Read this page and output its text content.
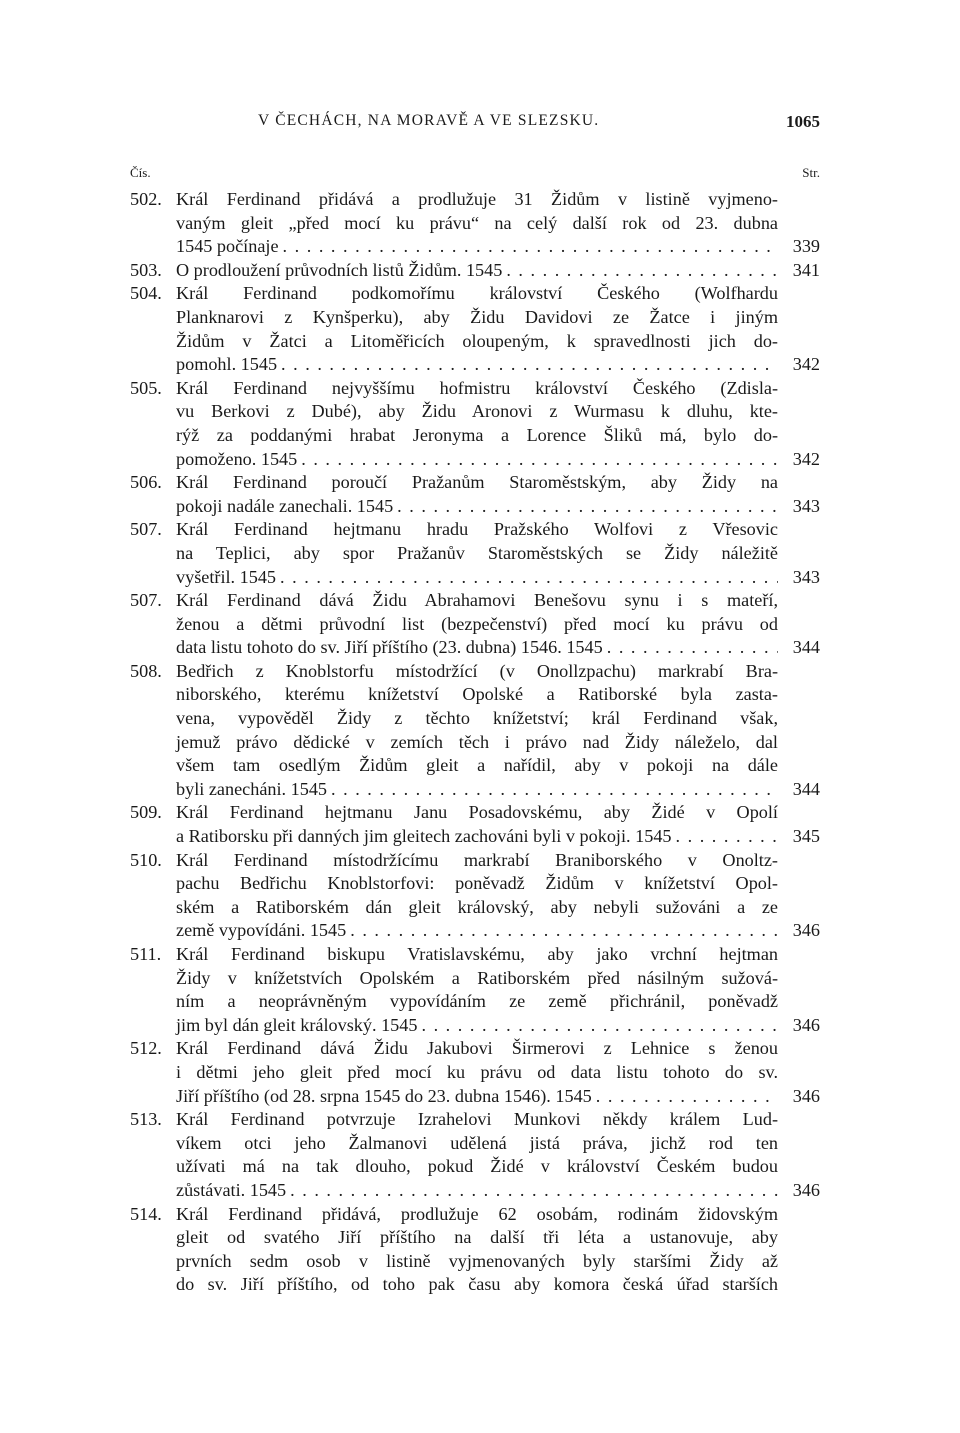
V ČECHÁCH, NA MORAVĚ A VE SLEZSKU.	1065
Čís.	Str.
502. Král Ferdinand přidává a prodlužuje 31 Židům v listině vyjmeno-
vaným gleit „před mocí ku právu“ na celý další rok od 23. dubna
1545 počínaje . . .	339
503. O prodloužení průvodních listů Židům. 1545 . . .	341
504. Král Ferdinand podkomořímu království Českého (Wolfhardu
Planknarovi z Kynšperku), aby Židu Davidovi ze Žatce i jiným
Židům v Žatci a Litoměřicích oloupeným, k spravedlnosti jich do-
pomohl. 1545 . . .	342
505. Král Ferdinand nejvyššímu hofmistru království Českého (Zdisla-
vu Berkovi z Dubé), aby Židu Aronovi z Wurmasu k dluhu, kte-
rýž za poddanými hrabat Jeronyma a Lorence Šliků má, bylo do-
pomoženo. 1545 . . .	342
506. Král Ferdinand poroučí Pražanům Staroměstským, aby Židy na
pokoji nadále zanechali. 1545 . . .	343
507. Král Ferdinand hejtmanu hradu Pražského Wolfovi z Vřesovic
na Teplici, aby spor Pražanův Staroměstských se Židy náležitě
vyšetřil. 1545 . . .	343
507. Král Ferdinand dává Židu Abrahamovi Benešovu synu i s mateří,
ženou a dětmi průvodní list (bezpečenství) před mocí ku právu od
data listu tohoto do sv. Jiří příštího (23. dubna) 1546. 1545 . . .	344
508. Bedřich z Knoblstorfu místodržící (v Onollzpachu) markrabí Bra-
niborského, kterému knížetství Opolské a Ratiborské byla zasta-
vena, vypověděl Židy z těchto knížetství; král Ferdinand však,
jemuž právo dědické v zemích těch i právo nad Židy náleželo, dal
všem tam osedlým Židům gleit a nařídil, aby v pokoji na dále
byli zanecháni. 1545 . . .	344
509. Král Ferdinand hejtmanu Janu Posadovskému, aby Židé v Opolí
a Ratiborsku při danných jim gleitech zachováni byli v pokoji. 1545 . . .	345
510. Král Ferdinand místodržícímu markrabí Braniborského v Onoltz-
pachu Bedřichu Knoblstorfovi: poněvadž Židům v knížetství Opol-
ském a Ratiborském dán gleit královský, aby nebyli sužováni a ze
země vypovídáni. 1545 . . .	346
511. Král Ferdinand biskupu Vratislavskému, aby jako vrchní hejtman
Židy v knížetstvích Opolském a Ratiborském před násilným sužová-
ním a neoprávněným vypovídáním ze země přichránil, poněvadž
jim byl dán gleit královský. 1545 . . .	346
512. Král Ferdinand dává Židu Jakubovi Širmerovi z Lehnice s ženou
i dětmi jeho gleit před mocí ku právu od data listu tohoto do sv.
Jiří příštího (od 28. srpna 1545 do 23. dubna 1546). 1545 . . .	346
513. Král Ferdinand potvrzuje Izrahelovi Munkovi někdy králem Lud-
víkem otci jeho Žalmanovi udělená jistá práva, jichž rod ten
užívati má na tak dlouho, pokud Židé v království Českém budou
zůstávati. 1545 . . .	346
514. Král Ferdinand přidává, prodlužuje 62 osobám, rodinám židovským
gleit od svatého Jiří příštího na další tři léta a ustanovuje, aby
prvních sedm osob v listině vyjmenovaných byly staršími Židy až
do sv. Jiří příštího, od toho pak času aby komora česká úřad starších
